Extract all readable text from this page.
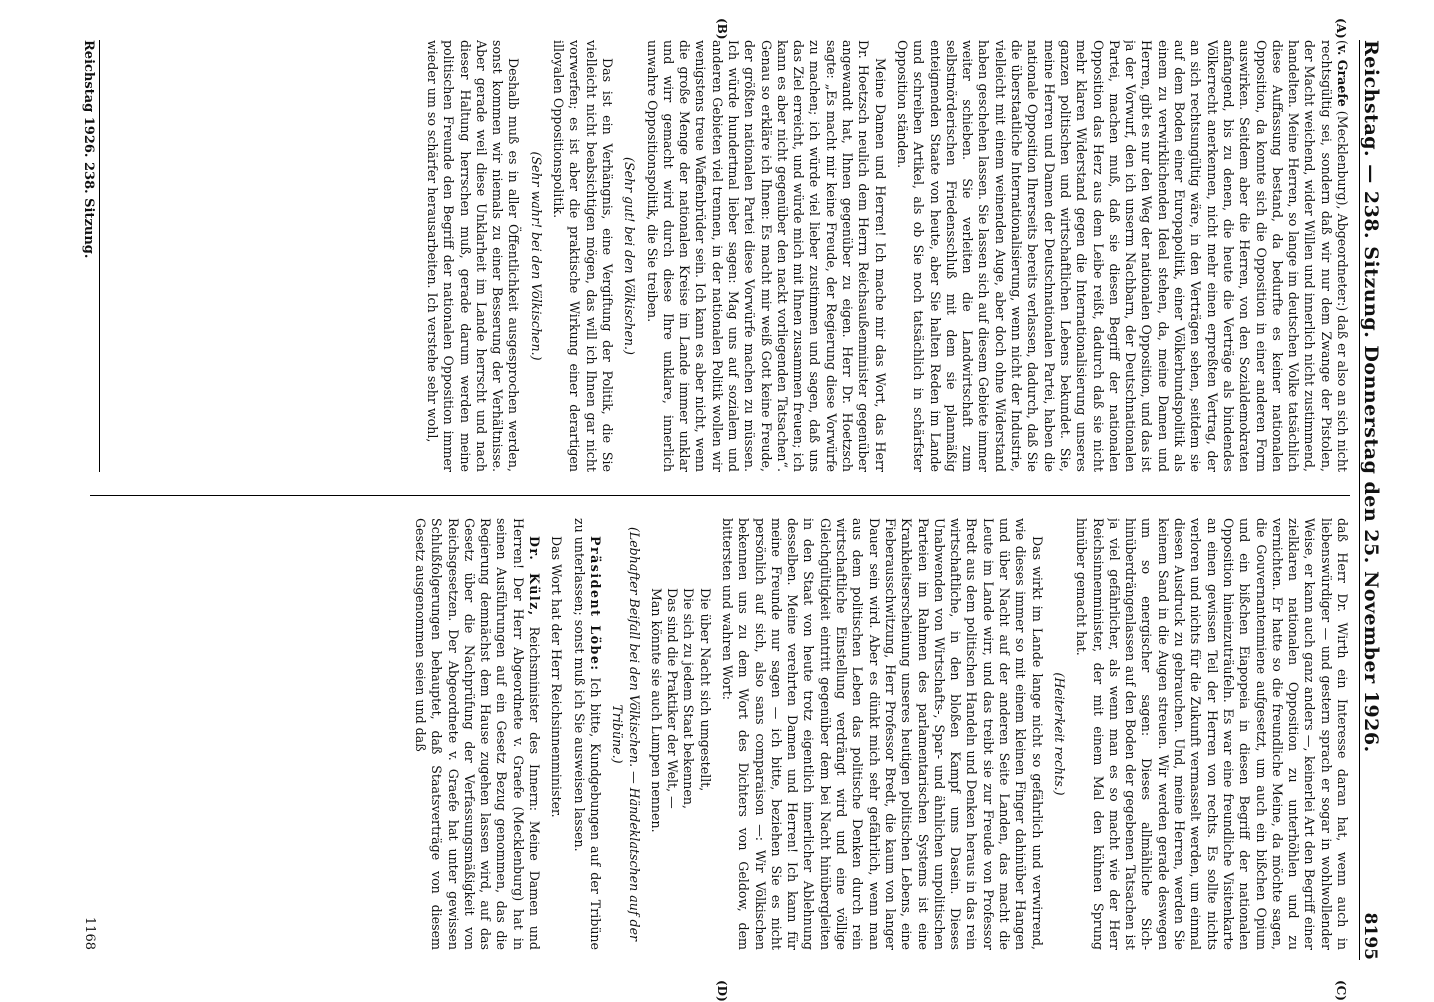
Reichstag. — 238. Sitzung. Donnerstag den 25. November 1926.
8195
(A)
(B)
(C)
(D)

(v. Graefe (Mecklenburg), Abgeordneter:) daß er also an sich nicht rechtsgültig sei, sondern daß wir nur dem Zwange der Pistolen, der Macht weichend, wider Willen und innerlich nicht zustimmend, handelten. Meine Herren, so lange im deutschen Volke tatsächlich diese Auffassung bestand, da bedurfte es keiner nationalen Opposition, da konnte sich die Opposition in einer anderen Form auswirken. Seitdem aber die Herren, von den Sozialdemokraten anfangend, bis zu denen, die heute die Verträge als bindendes Völkerrecht anerkennen, nicht mehr einen erpreßten Vertrag, der an sich rechtsungültig wäre, in den Verträgen sehen, seitdem sie auf dem Boden einer Europapolitik, einer Völkerbundspolitik als einem zu verwirklichenden Ideal stehen, da, meine Damen und Herren, gibt es nur den Weg der nationalen Opposition, und das ist ja der Vorwurf, den ich unserm Nachbarn, der Deutschnationalen Partei, machen muß, daß sie diesen Begriff der nationalen Opposition das Herz aus dem Leibe reißt, dadurch daß sie nicht mehr klaren Widerstand gegen die Internationalisierung unseres ganzen politischen und wirtschaftlichen Lebens bekundet. Sie, meine Herren und Damen der Deutschnationalen Partei, haben die nationale Opposition Ihrerseits bereits verlassen, dadurch, daß Sie die überstaatliche Internationalisierung, wenn nicht der Industrie, vielleicht mit einem weinenden Auge, aber doch ohne Widerstand haben geschehen lassen. Sie lassen sich auf diesem Gebiete immer weiter schieben. Sie verleiten die Landwirtschaft zum selbstmörderischen Friedensschluß mit dem sie planmäßig enteignenden Staate von heute, aber Sie halten Reden im Lande und schreiben Artikel, als ob Sie noch tatsächlich in schärfster Opposition ständen.

Meine Damen und Herren! Ich mache mir das Wort, das Herr Dr. Hoetzsch neulich dem Herrn Reichsaußenminister gegenüber angewandt hat, Ihnen gegenüber zu eigen. Herr Dr. Hoetzsch sagte: „Es macht mir keine Freude, der Regierung diese Vorwürfe zu machen; ich würde viel lieber zustimmen und sagen, daß uns das Ziel erreicht, und würde mich mit Ihnen zusammen freuen; ich kann es aber nicht gegenüber den nackt vorliegenden Tatsachen“. Genau so erkläre ich Ihnen: Es macht mir weiß Gott keine Freude, der größten nationalen Partei diese Vorwürfe machen zu müssen. Ich würde hundertmal lieber sagen: Mag uns auf sozialem und anderen Gebieten viel trennen, in der nationalen Politik wollen wir wenigstens treue Waffenbrüder sein. Ich kann es aber nicht, wenn die große Menge der nationalen Kreise im Lande immer unklar und wirr gemacht wird durch diese Ihre unklare, innerlich unwahre Oppositionspolitik, die Sie treiben.

(Sehr gut! bei den Völkischen.)

Das ist ein Verhängnis, eine Vergiftung der Politik, die Sie vielleicht nicht beabsichtigen mögen, das will ich Ihnen gar nicht vorwerfen; es ist aber die praktische Wirkung einer derartigen illoyalen Oppositionspolitik.

(Sehr wahr! bei den Völkischen.)

Deshalb muß es in aller Öffentlichkeit ausgesprochen werden, sonst kommen wir niemals zu einer Besserung der Verhältnisse. Aber gerade weil diese Unklarheit im Lande herrscht und nach dieser Haltung herrschen muß, gerade darum werden meine politischen Freunde den Begriff der nationalen Opposition immer wieder um so schärfer herausarbeiten. Ich verstehe sehr wohl,

daß Herr Dr. Wirth ein Interesse daran hat, wenn auch in liebenswürdiger — und gestern sprach er sogar in wohlwollender Weise, er kann auch ganz anders —, keinerlei Art den Begriff einer zielklaren nationalen Opposition zu unterhöhlen und zu vernichten. Er hatte so die freundliche Meine, da möchte sagen, die Gouvernantenmiene aufgesetzt, um auch ein bißchen Opium und ein bißchen Eiapopeia in diesen Begriff der nationalen Opposition hineinzuträufeln. Es war eine freundliche Visitenkarte an einen gewissen Teil der Herren von rechts. Es sollte nichts verloren und nichts für die Zukunft vermasselt werden, um einmal diesen Ausdruck zu gebrauchen. Und, meine Herren, werden Sie keinem Sand in die Augen streuen. Wir werden gerade deswegen um so energischer sagen: Dieses allmähliche Sich-hinüberdrängenlassen auf den Boden der gegebenen Tatsachen ist ja viel gefährlicher, als wenn man es so macht wie der Herr Reichsinnenminister, der mit einem Mal den kühnen Sprung hinüber gemacht hat.

(Heiterkeit rechts.)

Das wirkt im Lande lange nicht so gefährlich und verwirrend, wie dieses immer so mit einem kleinen Finger dahinüber Hangen und über Nacht auf der anderen Seite Landen, das macht die Leute im Lande wirr, und das treibt sie zur Freude von Professor Bredt aus dem politischen Handeln und Denken heraus in das rein wirtschaftliche, in den bloßen Kampf ums Dasein. Dieses Unabwenden von Wirtschafts-, Spar- und ähnlichen unpolitischen Parteien im Rahmen des parlamentarischen Systems ist eine Krankheitserscheinung unseres heutigen politischen Lebens, eine Fieberausschwitzung, Herr Professor Bredt, die kaum von langer Dauer sein wird. Aber es dünkt mich sehr gefährlich, wenn man aus dem politischen Leben das politische Denken durch rein wirtschaftliche Einstellung verdrängt wird und eine völlige Gleichgültigkeit eintritt gegenüber dem bei Nacht hinübergleiten in den Staat von heute trotz eigentlich innerlicher Ablehnung desselben. Meine verehrten Damen und Herren! Ich kann für meine Freunde nur sagen — ich bitte, beziehen Sie es nicht persönlich auf sich, also sans comparaison —: Wir Völkischen bekennen uns zu dem Wort des Dichters von Geldow, dem bittersten und wahren Wort:

Die über Nacht sich umgestellt,

Die sich zu jedem Staat bekennen,

Das sind die Praktiker der Welt, —

Man könnte sie auch Lumpen nennen.

(Lebhafter Beifall bei den Völkischen. — Händeklatschen auf der Tribüne.)

Präsident Löbe: Ich bitte, Kundgebungen auf der Tribüne zu unterlassen; sonst muß ich Sie ausweisen lassen.

Das Wort hat der Herr Reichsinnenminister.

Dr. Külz, Reichsminister des Innern: Meine Damen und Herren! Der Herr Abgeordnete v. Graefe (Mecklenburg) hat in seinen Ausführungen auf ein Gesetz Bezug genommen, das die Regierung demnächst dem Hause zugehen lassen wird, auf das Gesetz über die Nachprüfung der Verfassungsmäßigkeit von Reichsgesetzen. Der Abgeordnete v. Graefe hat unter gewissen Schlußfolgerungen behauptet, daß Staatsverträge von diesem Gesetz ausgenommen seien und daß

Reichstag 1926. 238. Sitzung.
1168
